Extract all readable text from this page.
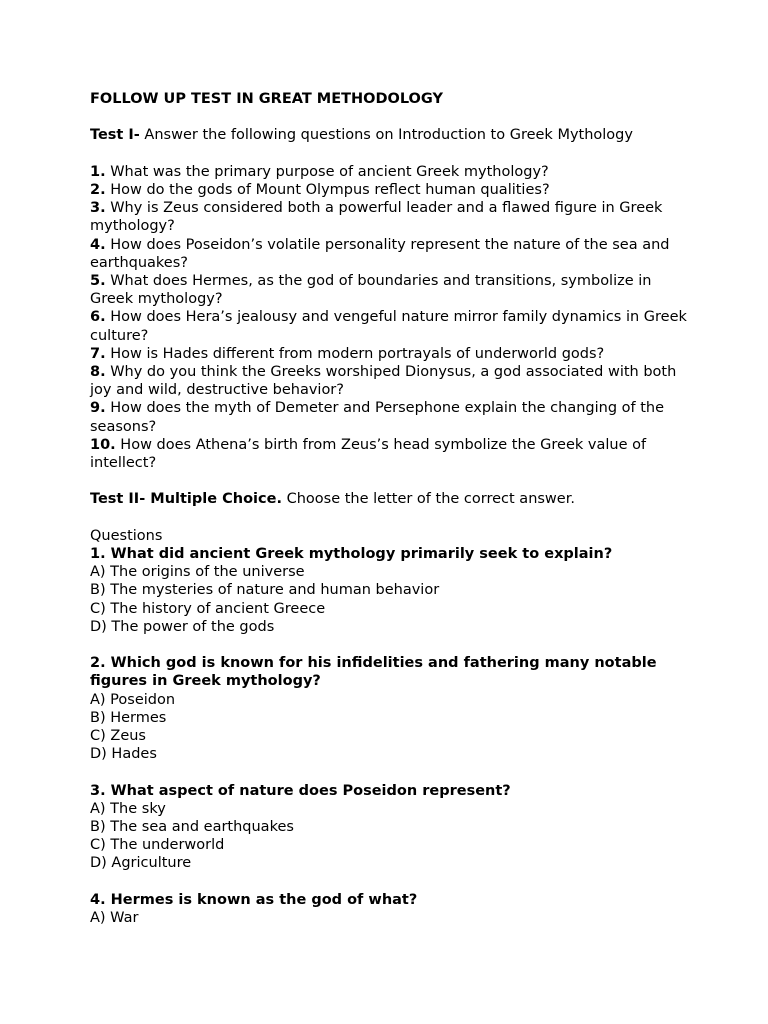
FOLLOW UP TEST IN GREAT METHODOLOGY

Test I- Answer the following questions on Introduction to Greek Mythology

1. What was the primary purpose of ancient Greek mythology?

2. How do the gods of Mount Olympus reflect human qualities?

3. Why is Zeus considered both a powerful leader and a flawed figure in Greek mythology?

4. How does Poseidon’s volatile personality represent the nature of the sea and earthquakes?

5. What does Hermes, as the god of boundaries and transitions, symbolize in Greek mythology?

6. How does Hera’s jealousy and vengeful nature mirror family dynamics in Greek culture?

7. How is Hades different from modern portrayals of underworld gods?

8. Why do you think the Greeks worshiped Dionysus, a god associated with both joy and wild, destructive behavior?

9. How does the myth of Demeter and Persephone explain the changing of the seasons?

10. How does Athena’s birth from Zeus’s head symbolize the Greek value of intellect?

Test II- Multiple Choice. Choose the letter of the correct answer.

Questions

1. What did ancient Greek mythology primarily seek to explain?

A) The origins of the universe

B) The mysteries of nature and human behavior

C) The history of ancient Greece

D) The power of the gods

2. Which god is known for his infidelities and fathering many notable figures in Greek mythology?

A) Poseidon

B) Hermes

C) Zeus

D) Hades

3. What aspect of nature does Poseidon represent?

A) The sky

B) The sea and earthquakes

C) The underworld

D) Agriculture

4. Hermes is known as the god of what?

A) War
